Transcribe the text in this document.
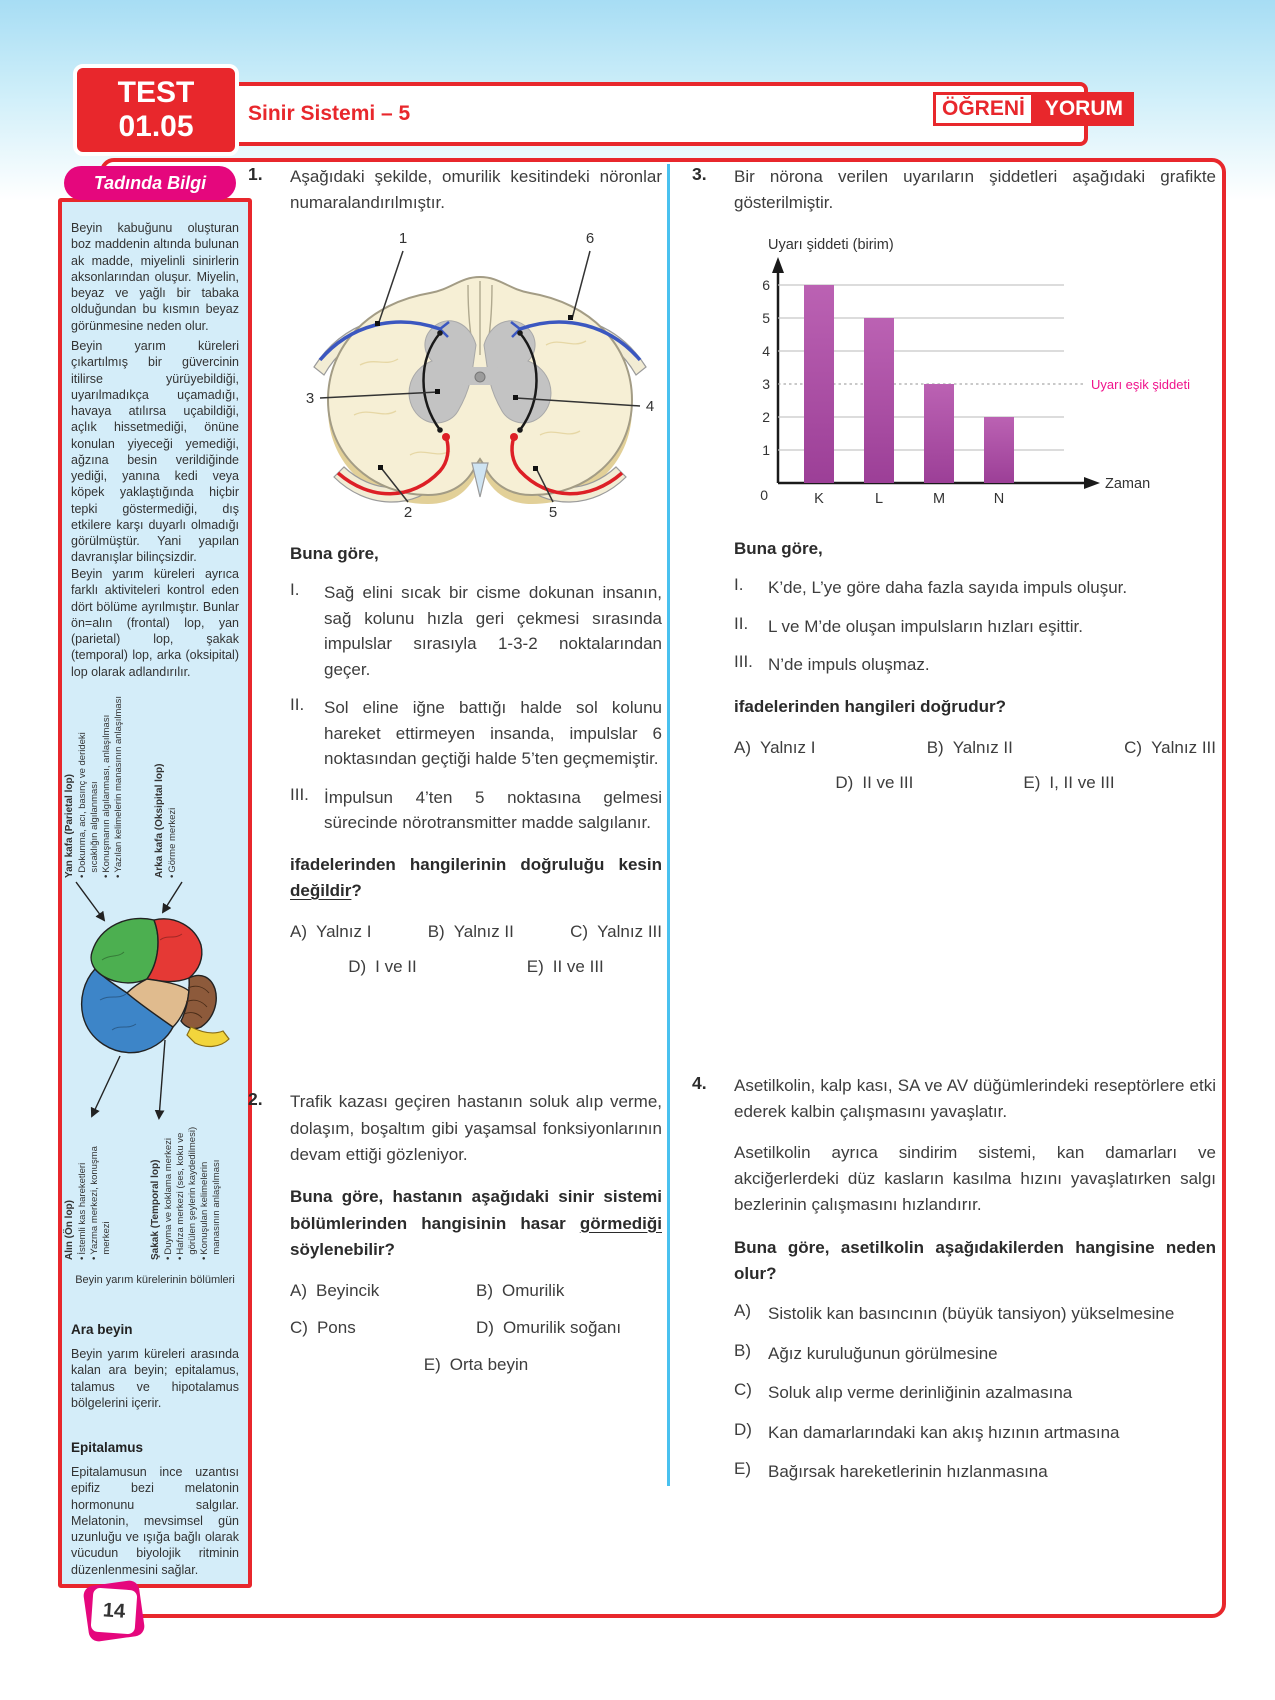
Sinir Sistemi – 5
TEST
01.05
ÖĞRENİ YORUM

Beyin kabuğunu oluşturan boz maddenin altında bulunan ak madde, miyelinli sinirlerin aksonlarından oluşur. Miyelin, beyaz ve yağlı bir tabaka olduğundan bu kısmın beyaz görünmesine neden olur.

Beyin yarım küreleri çıkartılmış bir güvercinin itilirse yürüyebildiği, uyarılmadıkça uçamadığı, havaya atılırsa uçabildiği, açlık hissetmediği, önüne konulan yiyeceği yemediği, ağzına besin verildiğinde yediği, yanına kedi veya köpek yaklaştığında hiçbir tepki göstermediği, dış etkilere karşı duyarlı olmadığı görülmüştür. Yani yapılan davranışlar bilinçsizdir.

Beyin yarım küreleri ayrıca farklı aktiviteleri kontrol eden dört bölüme ayrılmıştır. Bunlar ön=alın (frontal) lop, yan (parietal) lop, şakak (temporal) lop, arka (oksipital) lop olarak adlandırılır.

Yan kafa (Parietal lop) •
Dokunma, acı, basınç ve derideki sıcaklığın algılanması
•
Konuşmanın algılanması, anlaşılması
•
Yazılan kelimelerin manasının anlaşılması	Arka kafa (Oksipital lop) •
Görme merkezi
Alın (Ön lop) •
İstemli kas hareketleri
•
Yazma merkezi, konuşma merkezi	Şakak (Temporal lop) •
Duyma ve koklama merkezi
•
Hafıza merkezi (ses, koku ve görülen şeylerin kaydedilmesi)
•
Konuşulan kelimelerin manasının anlaşılması
Beyin yarım kürelerinin bölümleri

Ara beyin

Beyin yarım küreleri arasında kalan ara beyin; epitalamus, talamus ve hipotalamus bölgelerini içerir.

Epitalamus

Epitalamusun ince uzantısı epifiz bezi melatonin hormonunu salgılar. Melatonin, mevsimsel gün uzunluğu ve ışığa bağlı olarak vücudun biyolojik ritminin düzenlenmesini sağlar.

Tadında Bilgi	1.	Aşağıdaki şekilde, omurilik kesitindeki nöronlar numaralandırılmıştır.

1	6
3	4
2	5

Buna göre,

I.	Sağ elini sıcak bir cisme dokunan insanın, sağ kolunu hızla geri çekmesi sırasında impulslar sırasıyla 1-3-2 noktalarından geçer.
II.	Sol eline iğne battığı halde sol kolunu hareket ettirmeyen insanda, impulslar 6 noktasından geçtiği halde 5’ten geçmemiştir.
III. İmpulsun 4’ten 5 noktasına gelmesi sürecinde nörotransmitter madde salgılanır.

ifadelerinden hangilerinin doğruluğu kesin değildir?

A) Yalnız I	B) Yalnız II	C) Yalnız III
D) I ve II	E) II ve III
2.	Trafik kazası geçiren hastanın soluk alıp verme, dolaşım, boşaltım gibi yaşamsal fonksiyonlarının devam ettiği gözleniyor.

Buna göre, hastanın aşağıdaki sinir sistemi bölümlerinden hangisinin hasar görmediği söylenebilir?

A) Beyincik	B) Omurilik
C) Pons	D) Omurilik soğanı
E) Orta beyin
3.	Bir nörona verilen uyarıların şiddetleri aşağıdaki grafikte gösterilmiştir.

Uyarı şiddeti (birim)
Zaman
1
2
3
4
5
6
K	L	M	N
0
Uyarı eşik şiddeti

Buna göre,

I.	K’de, L’ye göre daha fazla sayıda impuls oluşur.
II.	L ve M’de oluşan impulsların hızları eşittir.
III. N’de impuls oluşmaz.

ifadelerinden hangileri doğrudur?

A) Yalnız I	B) Yalnız II	C) Yalnız III
D) II ve III	E) I, II ve III
4.	Asetilkolin, kalp kası, SA ve AV düğümlerindeki reseptörlere etki ederek kalbin çalışmasını yavaşlatır.

Asetilkolin ayrıca sindirim sistemi, kan damarları ve akciğerlerdeki düz kasların kasılma hızını yavaşlatırken salgı bezlerinin çalışmasını hızlandırır.

Buna göre, asetilkolin aşağıdakilerden hangisine neden olur?

A)	Sistolik kan basıncının (büyük tansiyon) yükselmesine
B)	Ağız kuruluğunun görülmesine
C) Soluk alıp verme derinliğinin azalmasına
D) Kan damarlarındaki kan akış hızının artmasına
E)	Bağırsak hareketlerinin hızlanmasına
14
